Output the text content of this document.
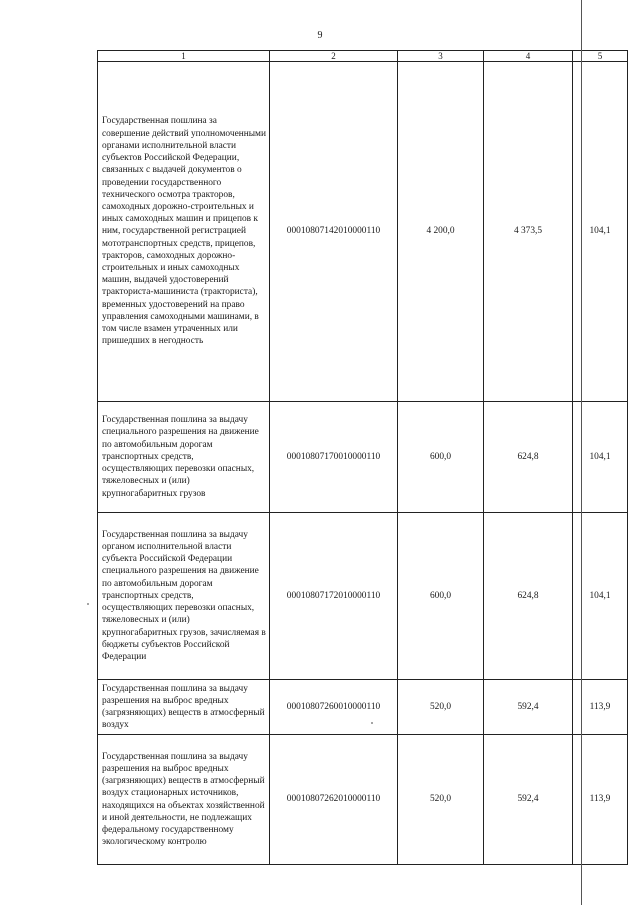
9
1	2	3	4	5
Государственная пошлина за совершение действий уполномоченными органами исполнительной власти субъектов Российской Федерации, связанных с выдачей документов о проведении государственного технического осмотра тракторов, самоходных дорожно-строительных и иных самоходных машин и прицепов к ним, государственной регистрацией мототранспортных средств, прицепов, тракторов, самоходных дорожно-строительных и иных самоходных машин, выдачей удостоверений тракториста-машиниста (тракториста), временных удостоверений на право управления самоходными машинами, в том числе взамен утраченных или пришедших в негодность	00010807142010000110	4 200,0	4 373,5	104,1
Государственная пошлина за выдачу специального разрешения на движение по автомобильным дорогам транспортных средств, осуществляющих перевозки опасных, тяжеловесных и (или) крупногабаритных грузов	00010807170010000110	600,0	624,8	104,1
Государственная пошлина за выдачу органом исполнительной власти субъекта Российской Федерации специального разрешения на движение по автомобильным дорогам транспортных средств, осуществляющих перевозки опасных, тяжеловесных и (или) крупногабаритных грузов, зачисляемая в бюджеты субъектов Российской Федерации	00010807172010000110	600,0	624,8	104,1
Государственная пошлина за выдачу разрешения на выброс вредных (загрязняющих) веществ в атмосферный воздух	00010807260010000110	520,0	592,4	113,9
Государственная пошлина за выдачу разрешения на выброс вредных (загрязняющих) веществ в атмосферный воздух стационарных источников, находящихся на объектах хозяйственной и иной деятельности, не подлежащих федеральному государственному экологическому контролю	00010807262010000110	520,0	592,4	113,9
